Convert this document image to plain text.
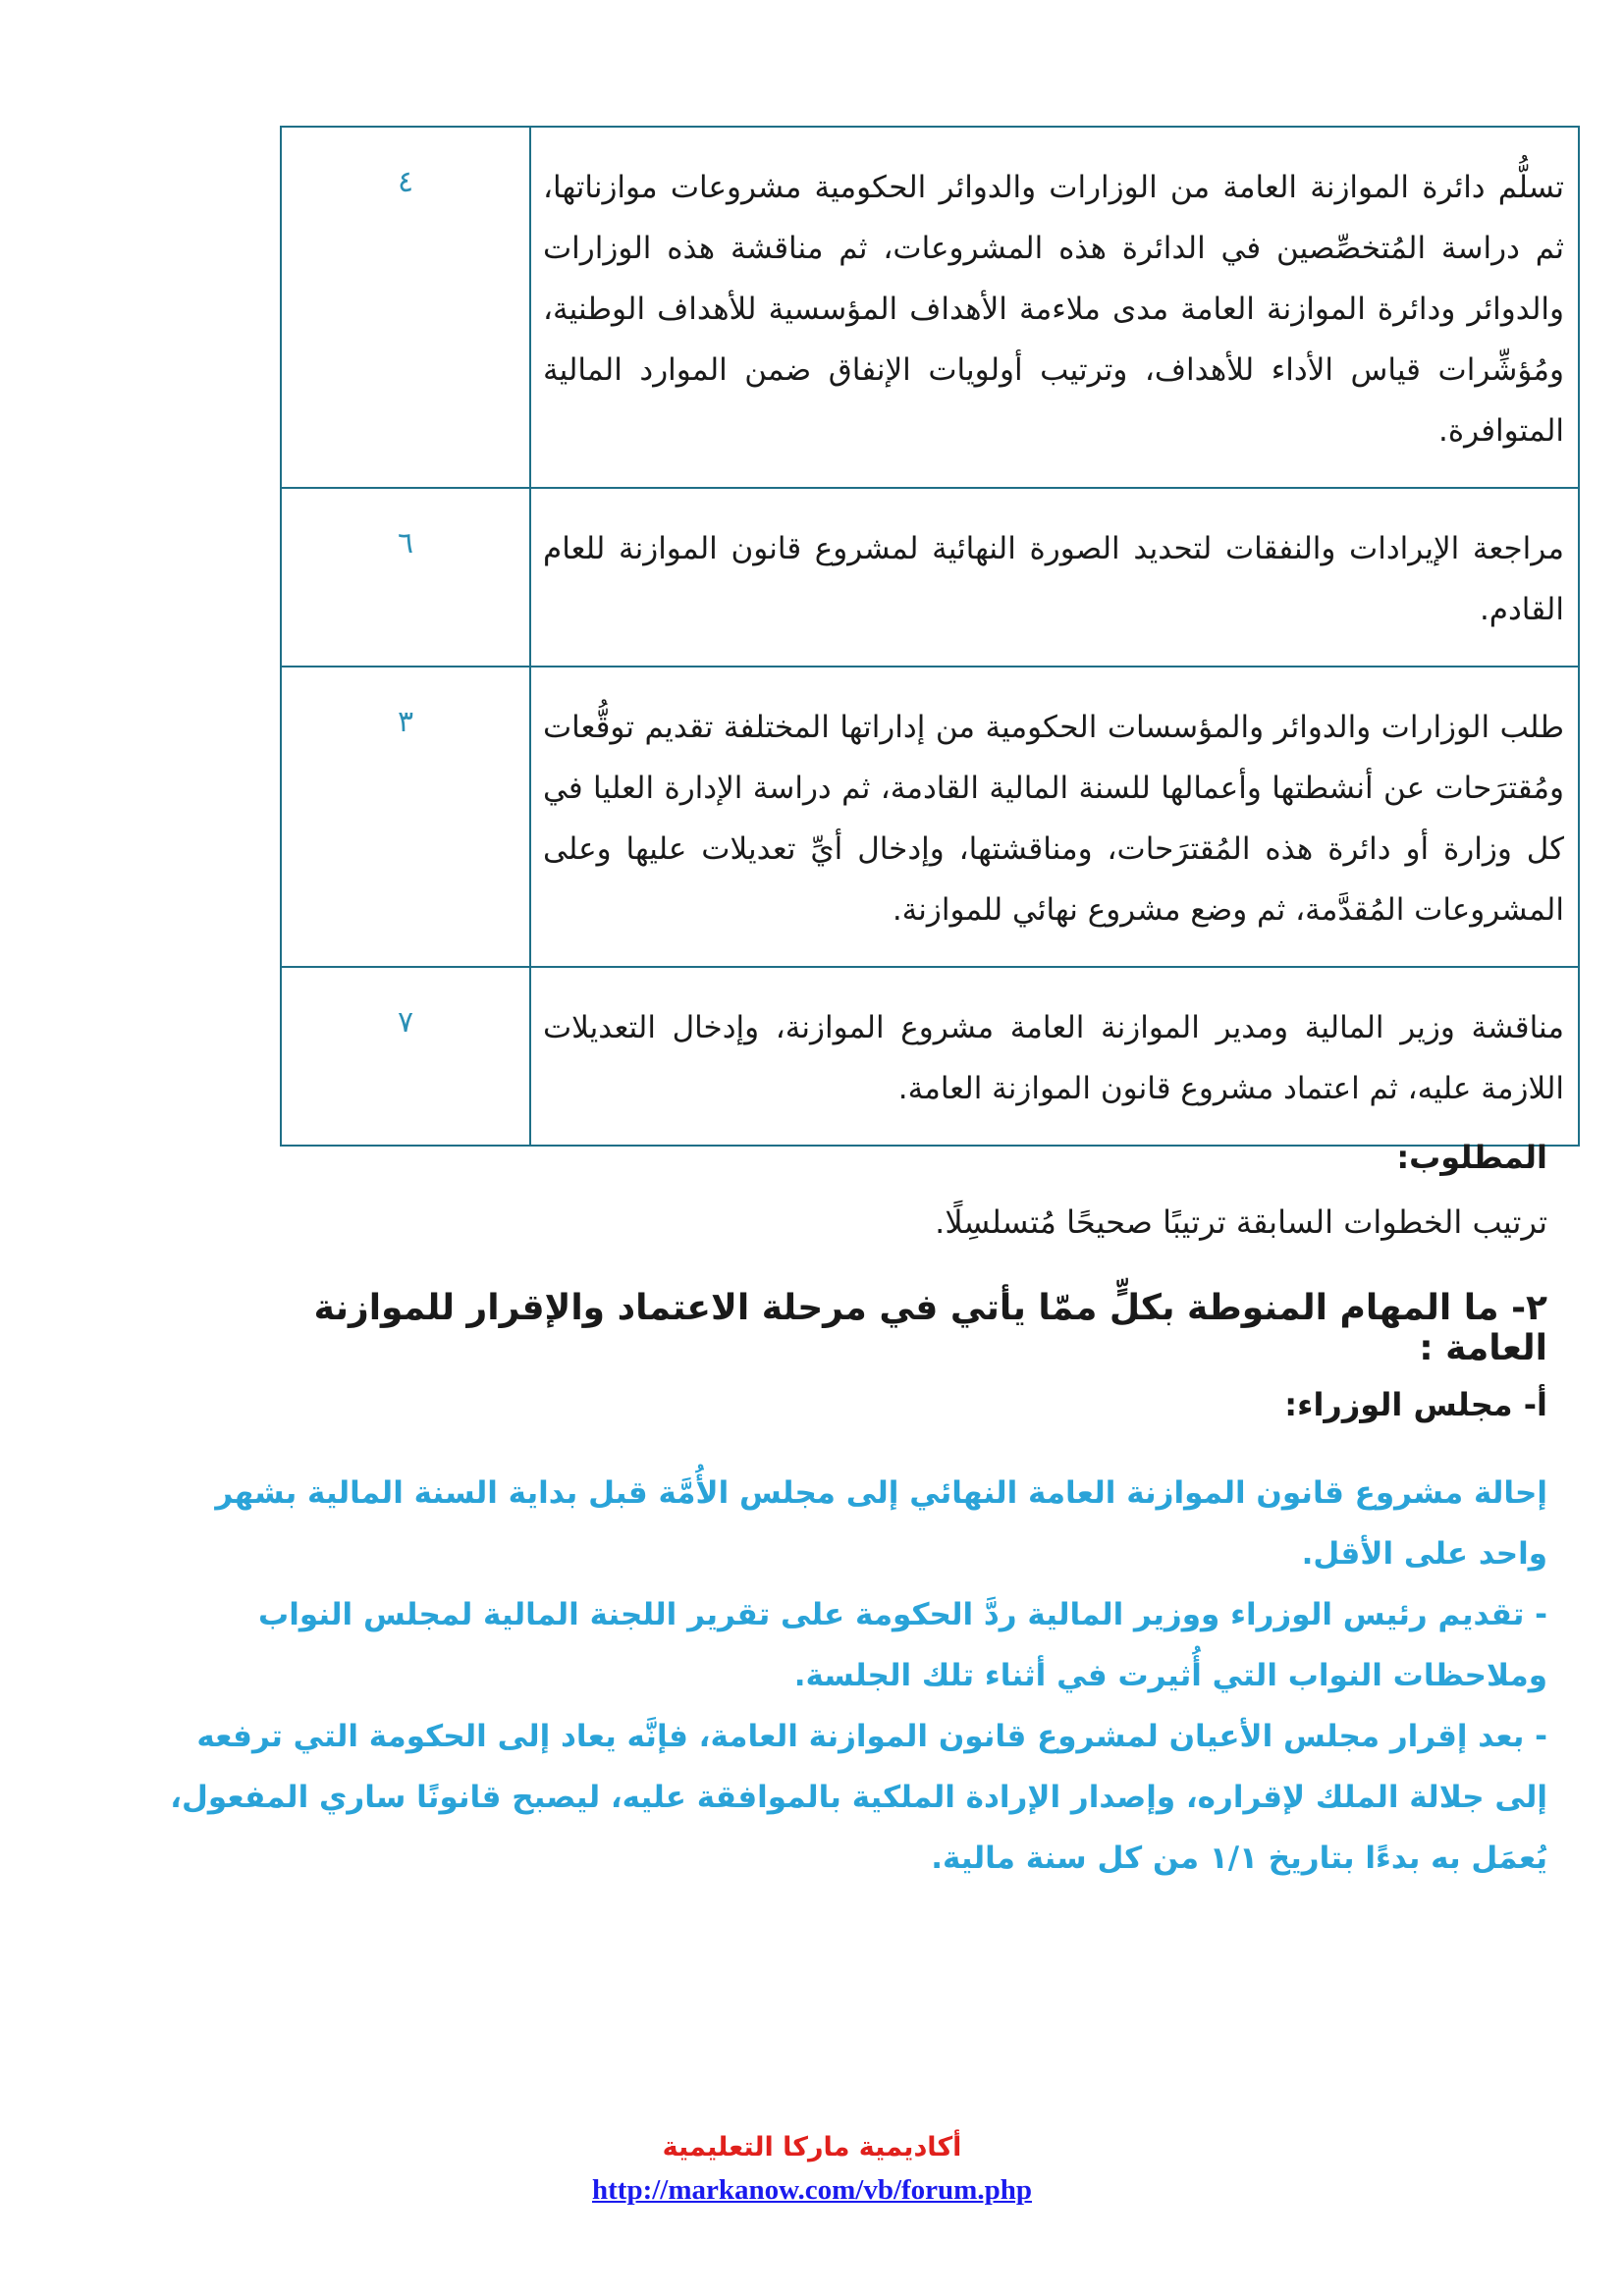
تسلُّم دائرة الموازنة العامة من الوزارات والدوائر الحكومية مشروعات موازناتها، ثم دراسة المُتخصِّصين في الدائرة هذه المشروعات، ثم مناقشة هذه الوزارات والدوائر ودائرة الموازنة العامة مدى ملاءمة الأهداف المؤسسية للأهداف الوطنية، ومُؤشِّرات قياس الأداء للأهداف، وترتيب أولويات الإنفاق ضمن الموارد المالية المتوافرة.	٤
مراجعة الإيرادات والنفقات لتحديد الصورة النهائية لمشروع قانون الموازنة للعام القادم.	٦
طلب الوزارات والدوائر والمؤسسات الحكومية من إداراتها المختلفة تقديم توقُّعات ومُقترَحات عن أنشطتها وأعمالها للسنة المالية القادمة، ثم دراسة الإدارة العليا في كل وزارة أو دائرة هذه المُقترَحات، ومناقشتها، وإدخال أيِّ تعديلات عليها وعلى المشروعات المُقدَّمة، ثم وضع مشروع نهائي للموازنة.	٣
مناقشة وزير المالية ومدير الموازنة العامة مشروع الموازنة، وإدخال التعديلات اللازمة عليه، ثم اعتماد مشروع قانون الموازنة العامة.	٧
المطلوب:
ترتيب الخطوات السابقة ترتيبًا صحيحًا مُتسلسِلًا.
٢- ما المهام المنوطة بكلٍّ ممّا يأتي في مرحلة الاعتماد والإقرار للموازنة العامة :
أ- مجلس الوزراء:

إحالة مشروع قانون الموازنة العامة النهائي إلى مجلس الأُمَّة قبل بداية السنة المالية بشهر واحد على الأقل.

- تقديم رئيس الوزراء ووزير المالية ردَّ الحكومة على تقرير اللجنة المالية لمجلس النواب وملاحظات النواب التي أُثيرت في أثناء تلك الجلسة.

- بعد إقرار مجلس الأعيان لمشروع قانون الموازنة العامة، فإنَّه يعاد إلى الحكومة التي ترفعه إلى جلالة الملك لإقراره، وإصدار الإرادة الملكية بالموافقة عليه، ليصبح قانونًا ساري المفعول، يُعمَل به بدءًا بتاريخ ١/١ من كل سنة مالية.

أكاديمية ماركا التعليمية
http://markanow.com/vb/forum.php
